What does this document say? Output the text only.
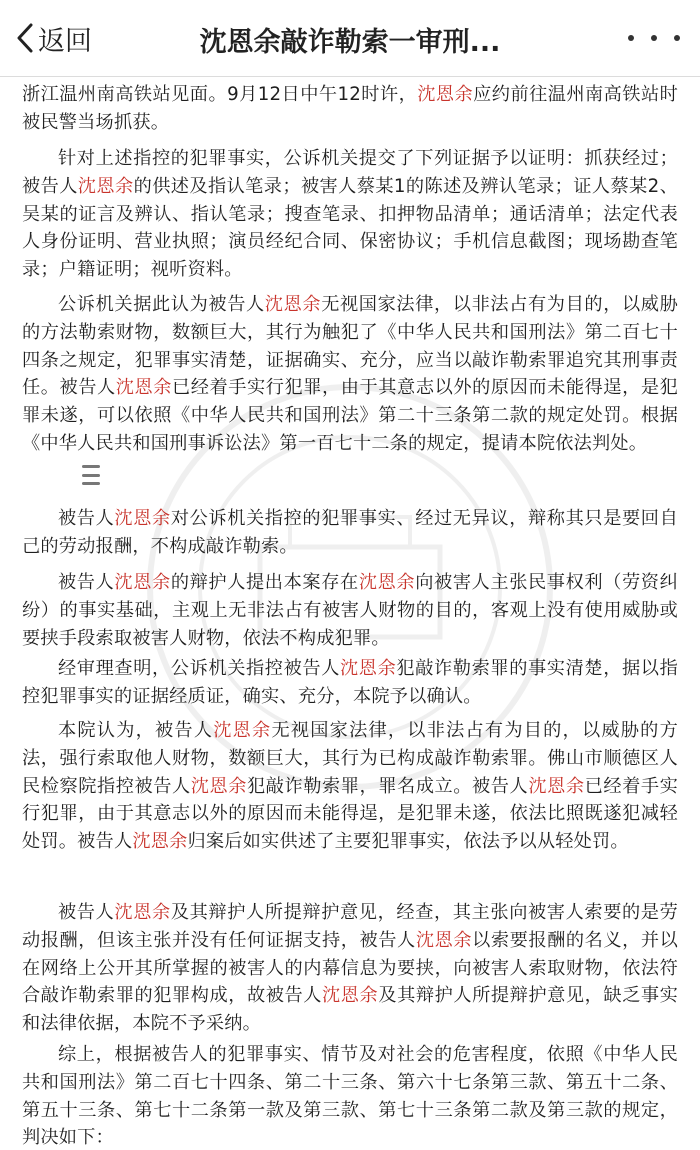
返回	沈恩余敲诈勒索一审刑...

浙江温州南高铁站见面。9月12日中午12时许，沈恩余应约前往温州南高铁站时被民警当场抓获。

针对上述指控的犯罪事实，公诉机关提交了下列证据予以证明：抓获经过；被告人沈恩余的供述及指认笔录；被害人蔡某1的陈述及辨认笔录；证人蔡某2、吴某的证言及辨认、指认笔录；搜查笔录、扣押物品清单；通话清单；法定代表人身份证明、营业执照；演员经纪合同、保密协议；手机信息截图；现场勘查笔录；户籍证明；视听资料。

公诉机关据此认为被告人沈恩余无视国家法律，以非法占有为目的，以威胁的方法勒索财物，数额巨大，其行为触犯了《中华人民共和国刑法》第二百七十四条之规定，犯罪事实清楚，证据确实、充分，应当以敲诈勒索罪追究其刑事责任。被告人沈恩余已经着手实行犯罪，由于其意志以外的原因而未能得逞，是犯罪未遂，可以依照《中华人民共和国刑法》第二十三条第二款的规定处罚。根据《中华人民共和国刑事诉讼法》第一百七十二条的规定，提请本院依法判处。

被告人沈恩余对公诉机关指控的犯罪事实、经过无异议，辩称其只是要回自己的劳动报酬，不构成敲诈勒索。

被告人沈恩余的辩护人提出本案存在沈恩余向被害人主张民事权利（劳资纠纷）的事实基础，主观上无非法占有被害人财物的目的，客观上没有使用威胁或要挟手段索取被害人财物，依法不构成犯罪。

经审理查明，公诉机关指控被告人沈恩余犯敲诈勒索罪的事实清楚，据以指控犯罪事实的证据经质证，确实、充分，本院予以确认。

本院认为，被告人沈恩余无视国家法律，以非法占有为目的，以威胁的方法，强行索取他人财物，数额巨大，其行为已构成敲诈勒索罪。佛山市顺德区人民检察院指控被告人沈恩余犯敲诈勒索罪，罪名成立。被告人沈恩余已经着手实行犯罪，由于其意志以外的原因而未能得逞，是犯罪未遂，依法比照既遂犯减轻处罚。被告人沈恩余归案后如实供述了主要犯罪事实，依法予以从轻处罚。

被告人沈恩余及其辩护人所提辩护意见，经查，其主张向被害人索要的是劳动报酬，但该主张并没有任何证据支持，被告人沈恩余以索要报酬的名义，并以在网络上公开其所掌握的被害人的内幕信息为要挟，向被害人索取财物，依法符合敲诈勒索罪的犯罪构成，故被告人沈恩余及其辩护人所提辩护意见，缺乏事实和法律依据，本院不予采纳。

综上，根据被告人的犯罪事实、情节及对社会的危害程度，依照《中华人民共和国刑法》第二百七十四条、第二十三条、第六十七条第三款、第五十二条、第五十三条、第七十二条第一款及第三款、第七十三条第二款及第三款的规定，判决如下：
